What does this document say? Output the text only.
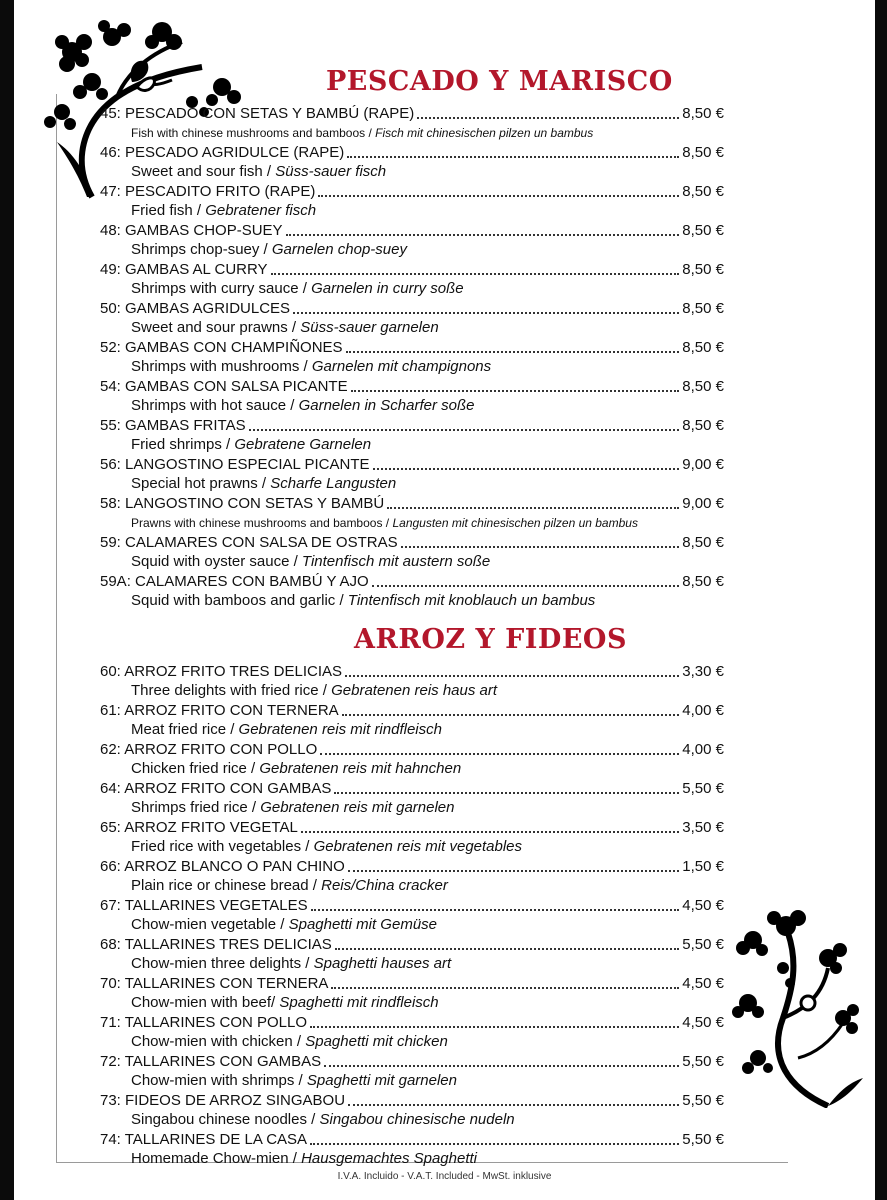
PESCADO Y MARISCO
45: PESCADO CON SETAS Y BAMBÚ (RAPE)	8,50 €
Fish with chinese mushrooms and bamboos / Fisch mit chinesischen pilzen un bambus
46: PESCADO AGRIDULCE (RAPE)	8,50 €
Sweet and sour fish / Süss-sauer fisch
47: PESCADITO FRITO (RAPE)	8,50 €
Fried fish / Gebratener fisch
48: GAMBAS CHOP-SUEY	8,50 €
Shrimps chop-suey / Garnelen chop-suey
49: GAMBAS AL CURRY	8,50 €
Shrimps with curry sauce / Garnelen in curry soße
50: GAMBAS AGRIDULCES	8,50 €
Sweet and sour prawns / Süss-sauer garnelen
52: GAMBAS CON CHAMPIÑONES	8,50 €
Shrimps with mushrooms / Garnelen mit champignons
54: GAMBAS CON SALSA PICANTE	8,50 €
Shrimps with hot sauce / Garnelen in Scharfer soße
55: GAMBAS FRITAS	8,50 €
Fried shrimps / Gebratene Garnelen
56: LANGOSTINO ESPECIAL PICANTE	9,00 €
Special hot prawns / Scharfe Langusten
58: LANGOSTINO CON SETAS Y BAMBÚ	9,00 €
Prawns with chinese mushrooms and bamboos / Langusten mit chinesischen pilzen un bambus
59: CALAMARES CON SALSA DE OSTRAS	8,50 €
Squid with oyster sauce / Tintenfisch mit austern soße
59A: CALAMARES CON BAMBÚ Y AJO	8,50 €
Squid with bamboos and garlic / Tintenfisch mit knoblauch un bambus
ARROZ Y FIDEOS
60: ARROZ FRITO TRES DELICIAS	3,30 €
Three delights with fried rice / Gebratenen reis haus art
61: ARROZ FRITO CON TERNERA	4,00 €
Meat fried rice / Gebratenen reis mit rindfleisch
62: ARROZ FRITO CON POLLO	4,00 €
Chicken fried rice / Gebratenen reis mit hahnchen
64: ARROZ FRITO CON GAMBAS	5,50 €
Shrimps fried rice / Gebratenen reis mit garnelen
65: ARROZ FRITO VEGETAL	3,50 €
Fried rice with vegetables / Gebratenen reis mit vegetables
66: ARROZ BLANCO O PAN CHINO	1,50 €
Plain rice or chinese bread / Reis/China cracker
67: TALLARINES VEGETALES	4,50 €
Chow-mien vegetable / Spaghetti mit Gemüse
68: TALLARINES TRES DELICIAS	5,50 €
Chow-mien three delights / Spaghetti hauses art
70: TALLARINES CON TERNERA	4,50 €
Chow-mien with beef/ Spaghetti mit rindfleisch
71: TALLARINES CON POLLO	4,50 €
Chow-mien with chicken / Spaghetti mit chicken
72: TALLARINES CON GAMBAS	5,50 €
Chow-mien with shrimps / Spaghetti mit garnelen
73: FIDEOS DE ARROZ SINGABOU	5,50 €
Singabou chinese noodles / Singabou chinesische nudeln
74: TALLARINES DE LA CASA	5,50 €
Homemade Chow-mien / Hausgemachtes Spaghetti
I.V.A. Incluido - V.A.T. Included - MwSt. inklusive
